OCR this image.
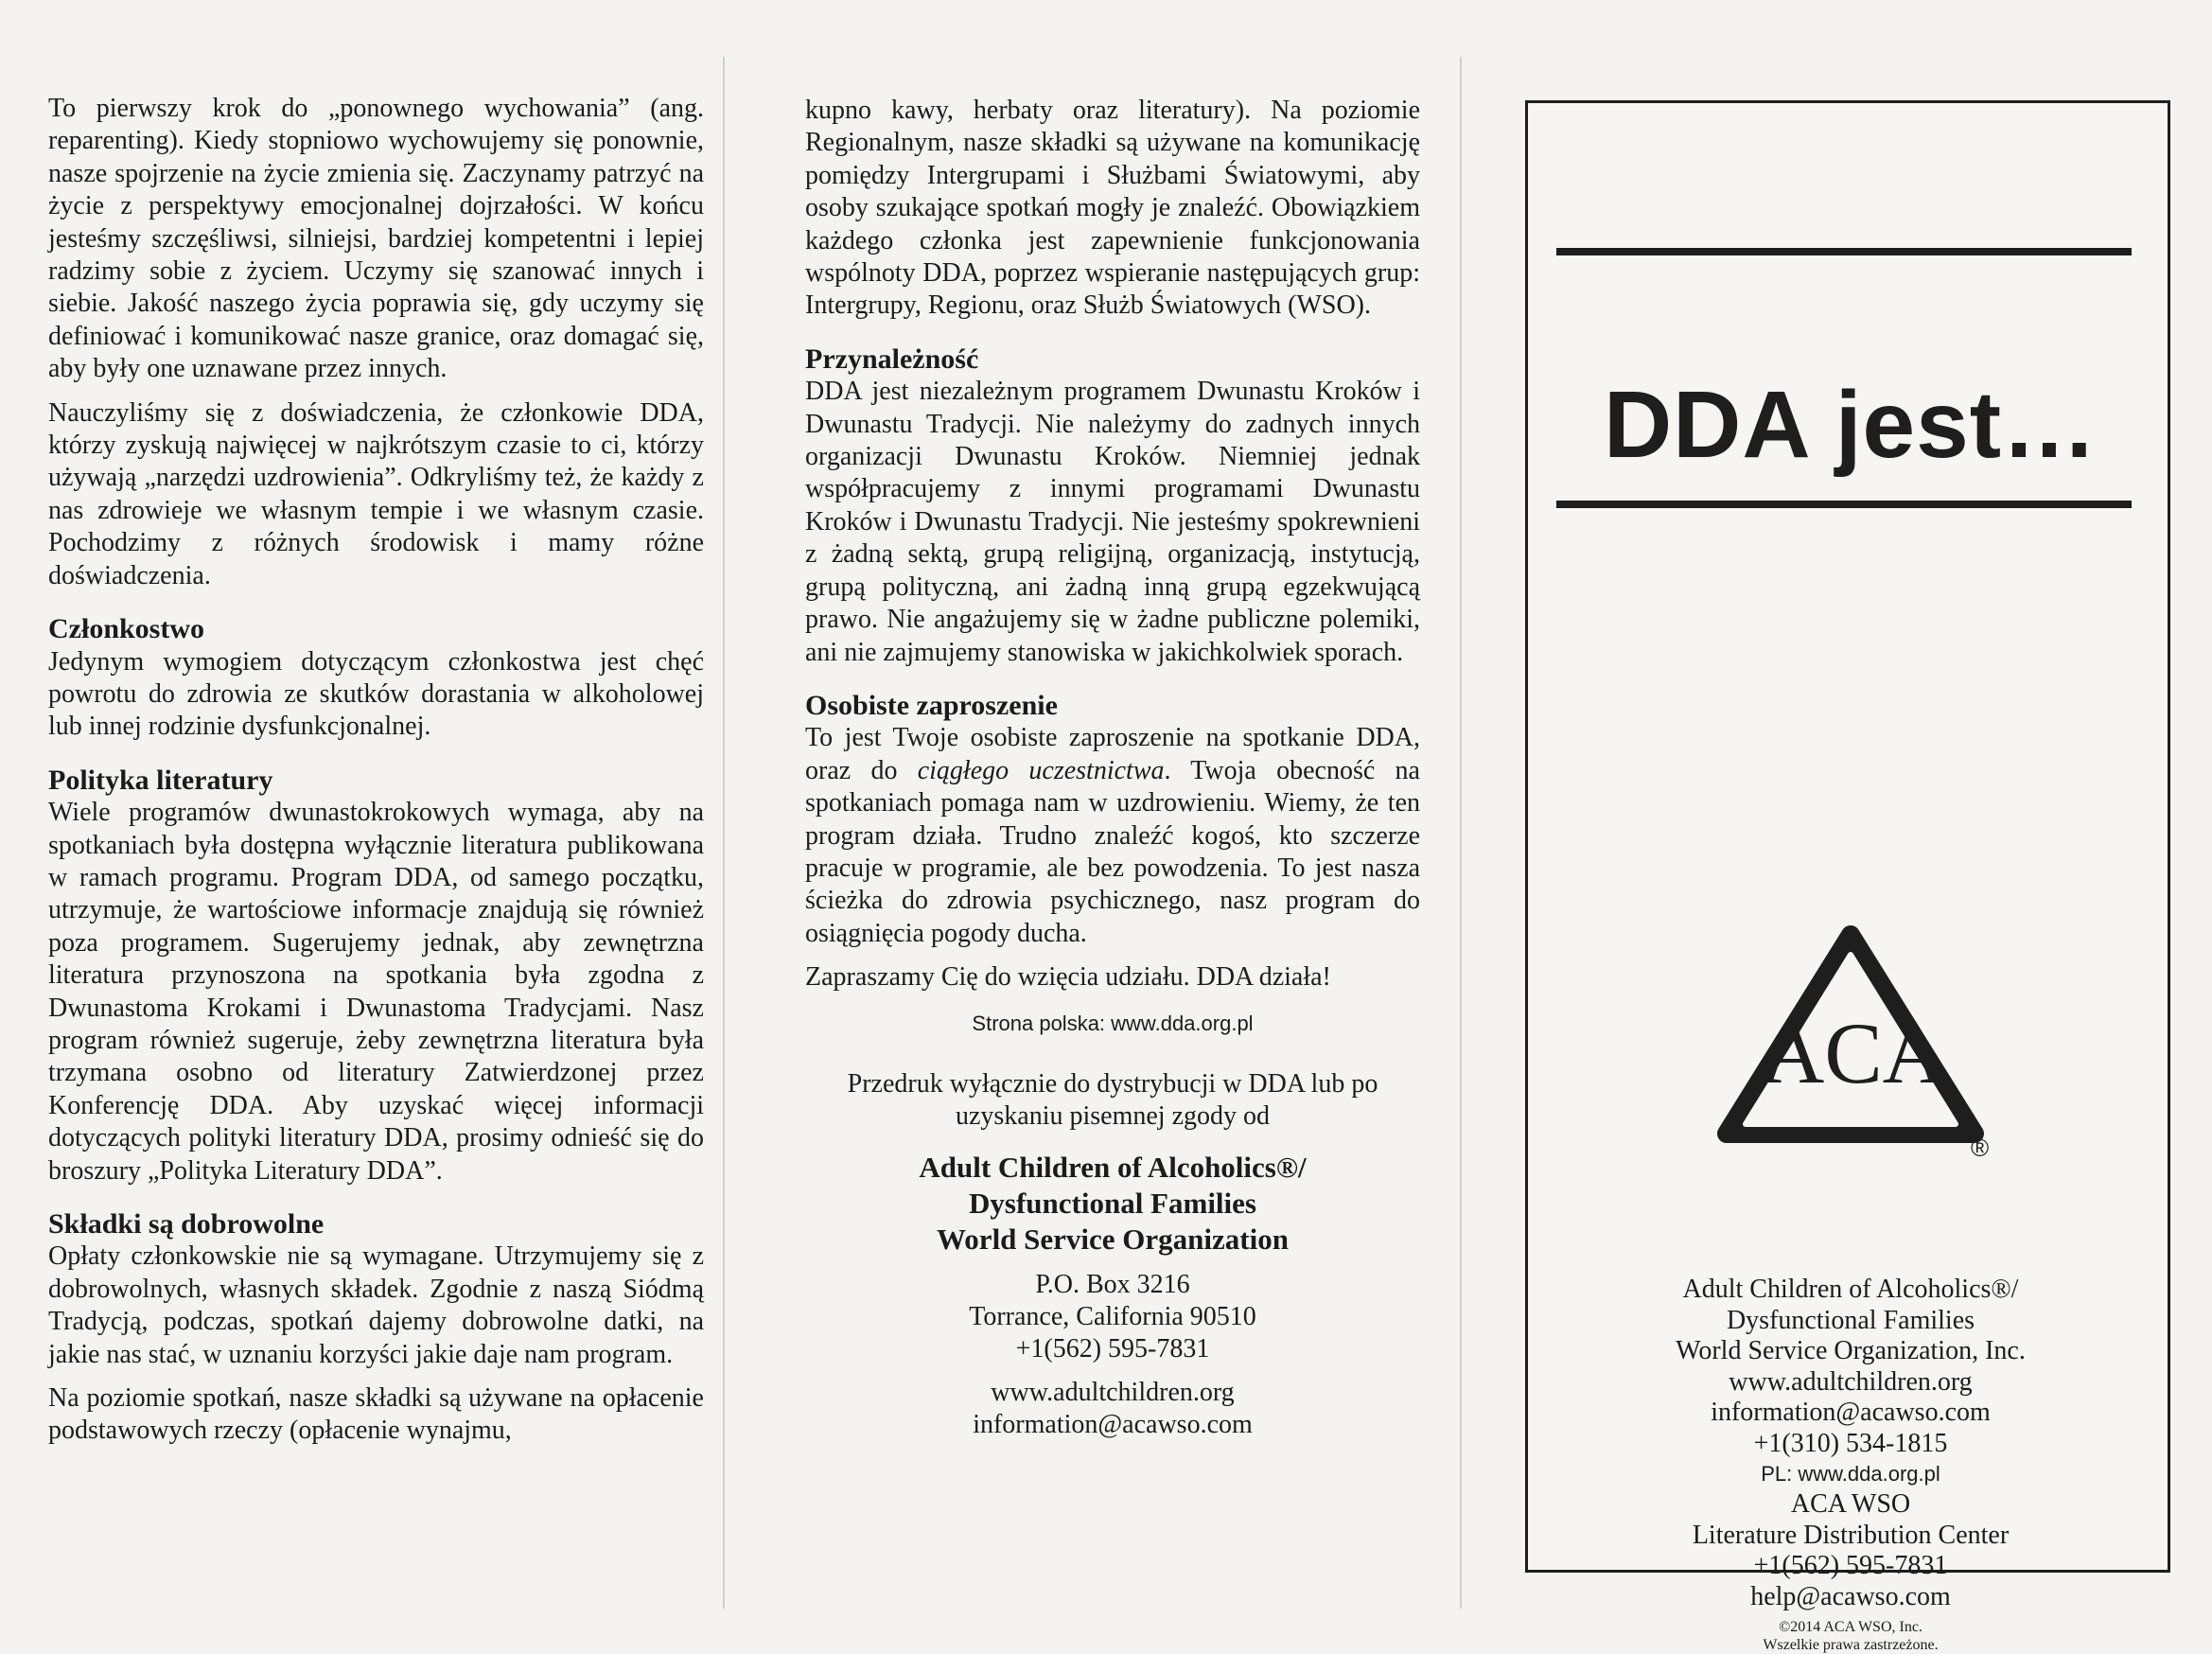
To pierwszy krok do „ponownego wychowania” (ang. reparenting). Kiedy stopniowo wychowujemy się ponownie, nasze spojrzenie na życie zmienia się. Zaczynamy patrzyć na życie z perspektywy emocjonalnej dojrzałości. W końcu jesteśmy szczęśliwsi, silniejsi, bardziej kompetentni i lepiej radzimy sobie z życiem. Uczymy się szanować innych i siebie. Jakość naszego życia poprawia się, gdy uczymy się definiować i komunikować nasze granice, oraz domagać się, aby były one uznawane przez innych.

Nauczyliśmy się z doświadczenia, że członkowie DDA, którzy zyskują najwięcej w najkrótszym czasie to ci, którzy używają „narzędzi uzdrowienia”. Odkryliśmy też, że każdy z nas zdrowieje we własnym tempie i we własnym czasie. Pochodzimy z różnych środowisk i mamy różne doświadczenia.

Członkostwo

Jedynym wymogiem dotyczącym członkostwa jest chęć powrotu do zdrowia ze skutków dorastania w alkoholowej lub innej rodzinie dysfunkcjonalnej.

Polityka literatury

Wiele programów dwunastokrokowych wymaga, aby na spotkaniach była dostępna wyłącznie literatura publikowana w ramach programu. Program DDA, od samego początku, utrzymuje, że wartościowe informacje znajdują się również poza programem. Sugerujemy jednak, aby zewnętrzna literatura przynoszona na spotkania była zgodna z Dwunastoma Krokami i Dwunastoma Tradycjami. Nasz program również sugeruje, żeby zewnętrzna literatura była trzymana osobno od literatury Zatwierdzonej przez Konferencję DDA. Aby uzyskać więcej informacji dotyczących polityki literatury DDA, prosimy odnieść się do broszury „Polityka Literatury DDA”.

Składki są dobrowolne

Opłaty członkowskie nie są wymagane. Utrzymujemy się z dobrowolnych, własnych składek. Zgodnie z naszą Siódmą Tradycją, podczas, spotkań dajemy dobrowolne datki, na jakie nas stać, w uznaniu korzyści jakie daje nam program.

Na poziomie spotkań, nasze składki są używane na opłacenie podstawowych rzeczy (opłacenie wynajmu,

kupno kawy, herbaty oraz literatury). Na poziomie Regionalnym, nasze składki są używane na komunikację pomiędzy Intergrupami i Służbami Światowymi, aby osoby szukające spotkań mogły je znaleźć. Obowiązkiem każdego członka jest zapewnienie funkcjonowania wspólnoty DDA, poprzez wspieranie następujących grup: Intergrupy, Regionu, oraz Służb Światowych (WSO).

Przynależność

DDA jest niezależnym programem Dwunastu Kroków i Dwunastu Tradycji. Nie należymy do zadnych innych organizacji Dwunastu Kroków. Niemniej jednak współpracujemy z innymi programami Dwunastu Kroków i Dwunastu Tradycji. Nie jesteśmy spokrewnieni z żadną sektą, grupą religijną, organizacją, instytucją, grupą polityczną, ani żadną inną grupą egzekwującą prawo. Nie angażujemy się w żadne publiczne polemiki, ani nie zajmujemy stanowiska w jakichkolwiek sporach.

Osobiste zaproszenie

To jest Twoje osobiste zaproszenie na spotkanie DDA, oraz do ciągłego uczestnictwa. Twoja obecność na spotkaniach pomaga nam w uzdrowieniu. Wiemy, że ten program działa. Trudno znaleźć kogoś, kto szczerze pracuje w programie, ale bez powodzenia. To jest nasza ścieżka do zdrowia psychicznego, nasz program do osiągnięcia pogody ducha.

Zapraszamy Cię do wzięcia udziału. DDA działa!

Strona polska: www.dda.org.pl

Przedruk wyłącznie do dystrybucji w DDA lub po uzyskaniu pisemnej zgody od

Adult Children of Alcoholics®/

Dysfunctional Families

World Service Organization

P.O. Box 3216

Torrance, California 90510

+1(562) 595-7831

www.adultchildren.org

information@acawso.com

DDA jest…
ACA
®
Adult Children of Alcoholics®/
Dysfunctional Families
World Service Organization, Inc.
www.adultchildren.org
information@acawso.com
+1(310) 534-1815
PL: www.dda.org.pl
ACA WSO
Literature Distribution Center
+1(562) 595-7831
help@acawso.com
©2014 ACA WSO, Inc.
Wszelkie prawa zastrzeżone.
